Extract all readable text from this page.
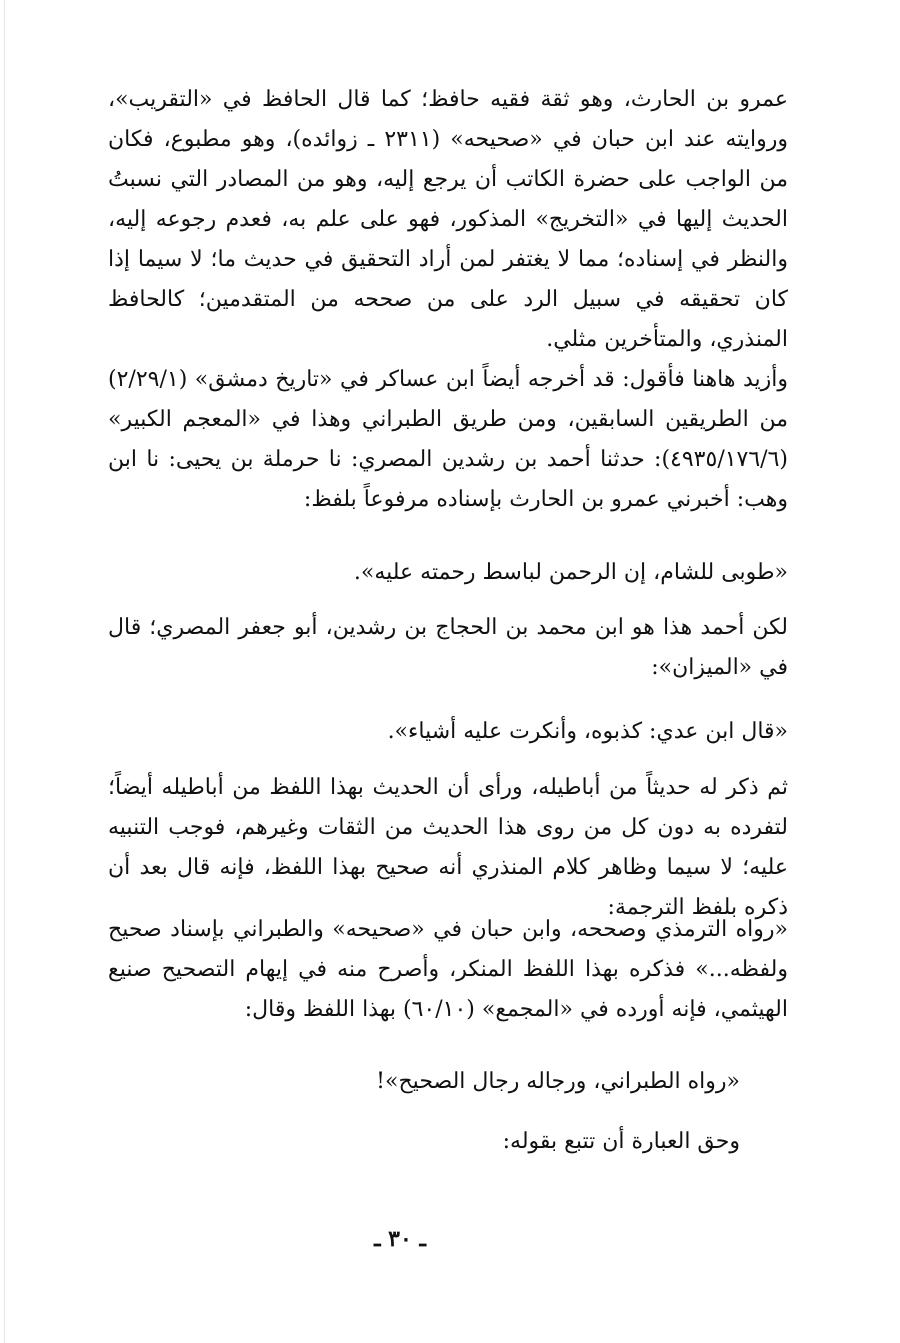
عمرو بن الحارث، وهو ثقة فقيه حافظ؛ كما قال الحافظ في «التقريب»، وروايته عند ابن حبان في «صحيحه» (٢٣١١ ـ زوائده)، وهو مطبوع، فكان من الواجب على حضرة الكاتب أن يرجع إليه، وهو من المصادر التي نسبتُ الحديث إليها في «التخريج» المذكور، فهو على علم به، فعدم رجوعه إليه، والنظر في إسناده؛ مما لا يغتفر لمن أراد التحقيق في حديث ما؛ لا سيما إذا كان تحقيقه في سبيل الرد على من صححه من المتقدمين؛ كالحافظ المنذري، والمتأخرين مثلي.

وأزيد هاهنا فأقول: قد أخرجه أيضاً ابن عساكر في «تاريخ دمشق» (٢/٢٩/١) من الطريقين السابقين، ومن طريق الطبراني وهذا في «المعجم الكبير» (٤٩٣٥/١٧٦/٦): حدثنا أحمد بن رشدين المصري: نا حرملة بن يحيى: نا ابن وهب: أخبرني عمرو بن الحارث بإسناده مرفوعاً بلفظ:

«طوبى للشام، إن الرحمن لباسط رحمته عليه».

لكن أحمد هذا هو ابن محمد بن الحجاج بن رشدين، أبو جعفر المصري؛ قال في «الميزان»:

«قال ابن عدي: كذبوه، وأنكرت عليه أشياء».

ثم ذكر له حديثاً من أباطيله، ورأى أن الحديث بهذا اللفظ من أباطيله أيضاً؛ لتفرده به دون كل من روى هذا الحديث من الثقات وغيرهم، فوجب التنبيه عليه؛ لا سيما وظاهر كلام المنذري أنه صحيح بهذا اللفظ، فإنه قال بعد أن ذكره بلفظ الترجمة:

«رواه الترمذي وصححه، وابن حبان في «صحيحه» والطبراني بإسناد صحيح ولفظه...» فذكره بهذا اللفظ المنكر، وأصرح منه في إيهام التصحيح صنيع الهيثمي، فإنه أورده في «المجمع» (٦٠/١٠) بهذا اللفظ وقال:

«رواه الطبراني، ورجاله رجال الصحيح»!

وحق العبارة أن تتبع بقوله:

ـ ٣٠ ـ
